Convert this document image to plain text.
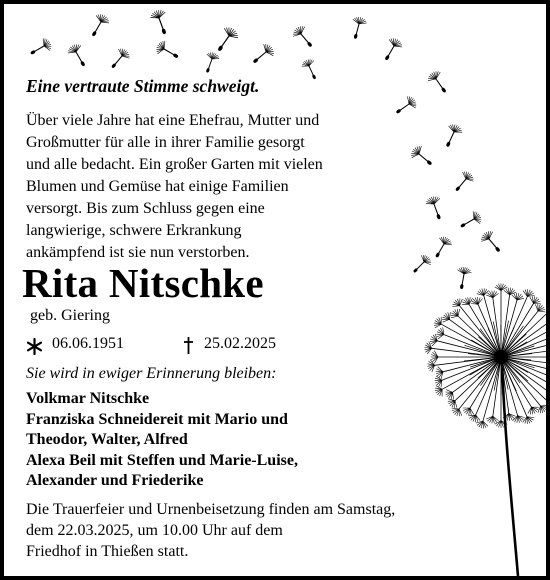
Eine vertraute Stimme schweigt.
Über viele Jahre hat eine Ehefrau, Mutter und
Großmutter für alle in ihrer Familie gesorgt
und alle bedacht. Ein großer Garten mit vielen
Blumen und Gemüse hat einige Familien
versorgt. Bis zum Schluss gegen eine
langwierige, schwere Erkrankung
ankämpfend ist sie nun verstorben.
Rita Nitschke
geb. Giering
06.06.1951	25.02.2025
Sie wird in ewiger Erinnerung bleiben:
Volkmar Nitschke
Franziska Schneidereit mit Mario und
Theodor, Walter, Alfred
Alexa Beil mit Steffen und Marie-Luise,
Alexander und Friederike
Die Trauerfeier und Urnenbeisetzung finden am Samstag,
dem 22.03.2025, um 10.00 Uhr auf dem
Friedhof in Thießen statt.
